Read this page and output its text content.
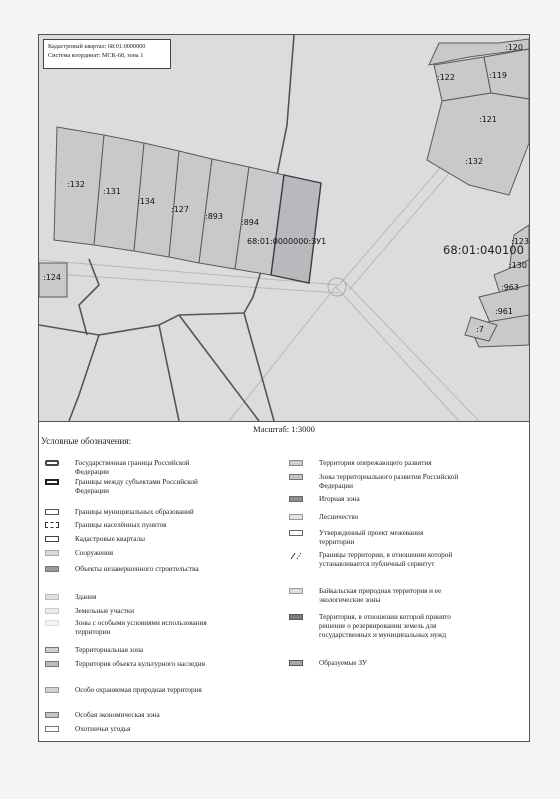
Кадастровый квартал: 68:01:0000000
Система координат: МСК-68, зона 1
:120
:122	:119
:121
:132
:132
:131
:134
:127
:893
:894
:124
:123
:130
:963
:961
:7
68:01:040100
68:01:0000000:ЗУ1
Масштаб: 1:3000
Условные обозначения:
Государственная граница Российской Федерации
Границы между субъектами Российской Федерации
Границы муниципальных образований
Границы населённых пунктов
Кадастровые кварталы
Сооружения
Объекты незавершенного строительства
Здания
Земельные участки
Зоны с особыми условиями использования территории
Территориальная зона
Территория объекта культурного наследия
Особо охраняемая природная территория
Особая экономическая зона
Охотничьи угодья
Территория опережающего развития
Зоны территориального развития Российской Федерации
Игорная зона
Лесничество
Утвержденный проект межевания территории
Границы территории, в отношении которой устанавливается публичный сервитут
Байкальская природная территория и ее экологические зоны
Территория, в отношении которой принято решение о резервировании земель для государственных и муниципальных нужд
Образуемые ЗУ
